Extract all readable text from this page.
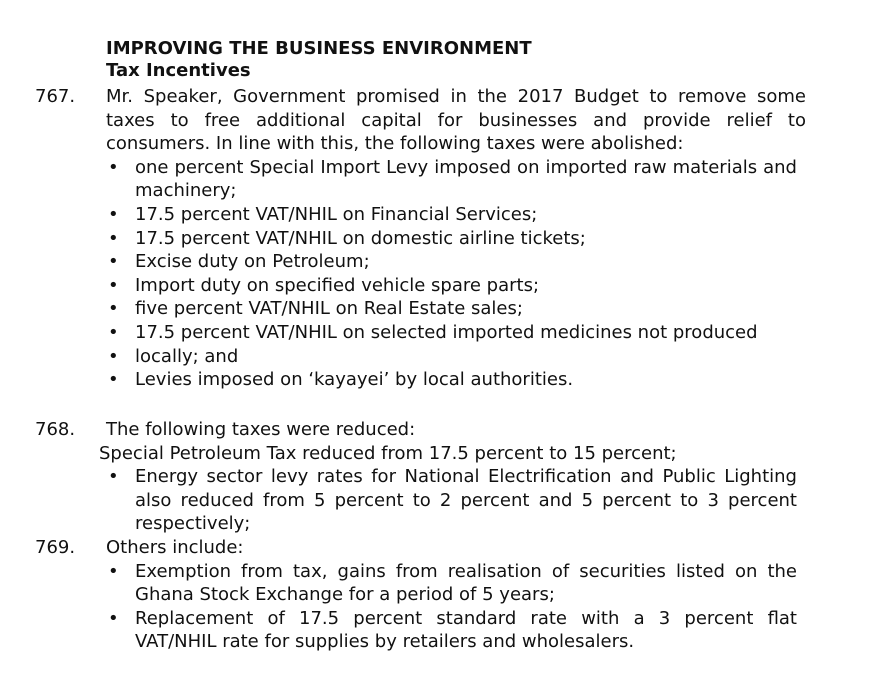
IMPROVING THE BUSINESS ENVIRONMENT
Tax Incentives
767. Mr. Speaker, Government promised in the 2017 Budget to remove some taxes to free additional capital for businesses and provide relief to consumers. In line with this, the following taxes were abolished:
• one percent Special Import Levy imposed on imported raw materials and machinery;
• 17.5 percent VAT/NHIL on Financial Services;
• 17.5 percent VAT/NHIL on domestic airline tickets;
• Excise duty on Petroleum;
• Import duty on specified vehicle spare parts;
• five percent VAT/NHIL on Real Estate sales;
• 17.5 percent VAT/NHIL on selected imported medicines not produced
• locally; and
• Levies imposed on ‘kayayei’ by local authorities.
768. The following taxes were reduced:
Special Petroleum Tax reduced from 17.5 percent to 15 percent;
• Energy sector levy rates for National Electrification and Public Lighting also reduced from 5 percent to 2 percent and 5 percent to 3 percent respectively;
769. Others include:
• Exemption from tax, gains from realisation of securities listed on the Ghana Stock Exchange for a period of 5 years;
• Replacement of 17.5 percent standard rate with a 3 percent flat VAT/NHIL rate for supplies by retailers and wholesalers.
